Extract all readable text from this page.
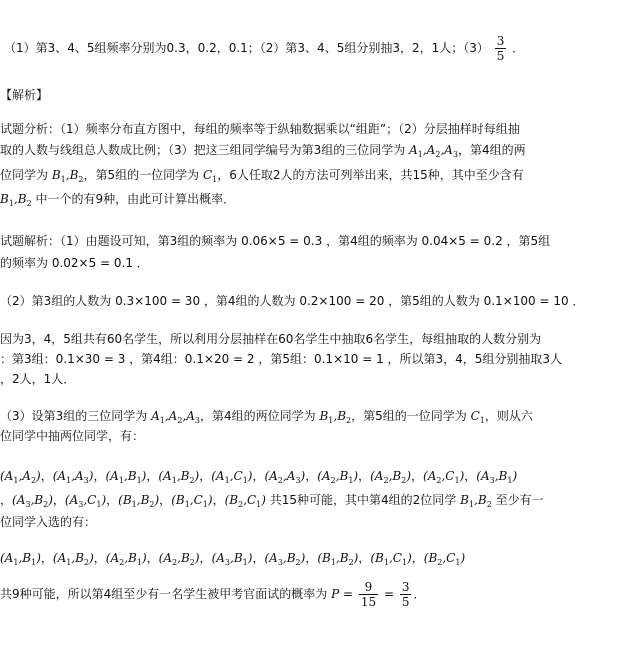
（1）第3、4、5组频率分别为0.3，0.2，0.1；（2）第3、4、5组分别抽3，2，1人；$(3) \frac{3}{5}$ ．
【解析】
试题分析：（1）频率分布直方图中，每组的频率等于纵轴数据乘以“组距”；（2）分层抽样时每组抽
取的人数与线组总人数成比例；（3）把这三组同学编号为第3组的三位同学为 $A_1,A_2,A_3$，第4组的两
位同学为 $B_1,B_2$，第5组的一位同学为 $C_1$，6人任取2人的方法可列举出来，共15种，其中至少含有
$B_1,B_2$ 中一个的有9种，由此可计算出概率．
试题解析：（1）由题设可知，第3组的频率为 0.06×5 = 0.3 ，第4组的频率为 0.04×5 = 0.2 ，第5组
的频率为 0.02×5 = 0.1 ．
（2）第3组的人数为 0.3×100 = 30 ，第4组的人数为 0.2×100 = 20 ，第5组的人数为 0.1×100 = 10 ．
因为3，4，5组共有60名学生，所以利用分层抽样在60名学生中抽取6名学生，每组抽取的人数分别为
：第3组：0.1×30 = 3 ，第4组：0.1×20 = 2 ，第5组：0.1×10 = 1 ，所以第3，4，5组分别抽取3人
，2人，1人．
（3）设第3组的三位同学为 $A_1,A_2,A_3$，第4组的两位同学为 $B_1,B_2$，第5组的一位同学为 $C_1$，则从六
位同学中抽两位同学，有：
$(A_1,A_2)$，$(A_1,A_3)$，$(A_1,B_1)$，$(A_1,B_2)$，$(A_1,C_1)$，$(A_2,A_3)$，$(A_2,B_1)$，$(A_2,B_2)$，$(A_2,C_1)$，$(A_3,B_1)$
，$(A_3,B_2)$，$(A_3,C_1)$，$(B_1,B_2)$，$(B_1,C_1)$，$(B_2,C_1)$ 共15种可能，其中第4组的2位同学 $B_1,B_2$ 至少有一
位同学入选的有：
$(A_1,B_1)$，$(A_1,B_2)$，$(A_2,B_1)$，$(A_2,B_2)$，$(A_3,B_1)$，$(A_3,B_2)$，$(B_1,B_2)$，$(B_1,C_1)$，$(B_2,C_1)$
共9种可能，所以第4组至少有一名学生被甲考官面试的概率为 $P = \frac{9}{15} = \frac{3}{5}$ ．
